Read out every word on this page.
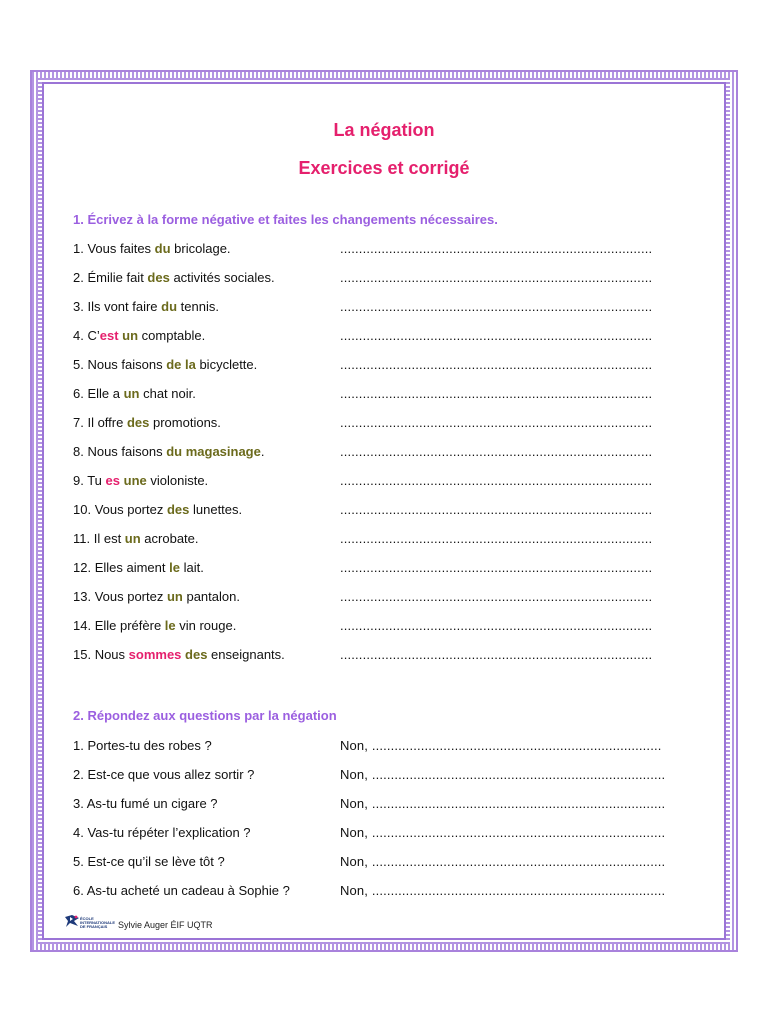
La négation
Exercices et corrigé
1. Écrivez à la forme négative et faites les changements nécessaires.
1. Vous faites du bricolage.	...................................................................................
2. Émilie fait des activités sociales.	...................................................................................
3. Ils vont faire du tennis.	...................................................................................
4. C’est un comptable.	...................................................................................
5. Nous faisons de la bicyclette.	...................................................................................
6. Elle a un chat noir.	...................................................................................
7. Il offre des promotions.	...................................................................................
8. Nous faisons du magasinage.	...................................................................................
9. Tu es une violoniste.	...................................................................................
10. Vous portez des lunettes.	...................................................................................
11. Il est un acrobate.	...................................................................................
12. Elles aiment le lait.	...................................................................................
13. Vous portez un pantalon.	...................................................................................
14. Elle préfère le vin rouge.	...................................................................................
15. Nous sommes des enseignants.	...................................................................................
2. Répondez aux questions par la négation
1. Portes-tu des robes ?	Non, .............................................................................
2. Est-ce que vous allez sortir ?	Non, ..............................................................................
3. As-tu fumé un cigare ?	Non, ..............................................................................
4. Vas-tu répéter l’explication ?	Non, ..............................................................................
5. Est-ce qu’il se lève tôt ?	Non, ..............................................................................
6. As-tu acheté un cadeau à Sophie ?	Non, ..............................................................................
ÉCOLE INTERNATIONALE DE FRANÇAIS	Sylvie Auger ÉIF UQTR
